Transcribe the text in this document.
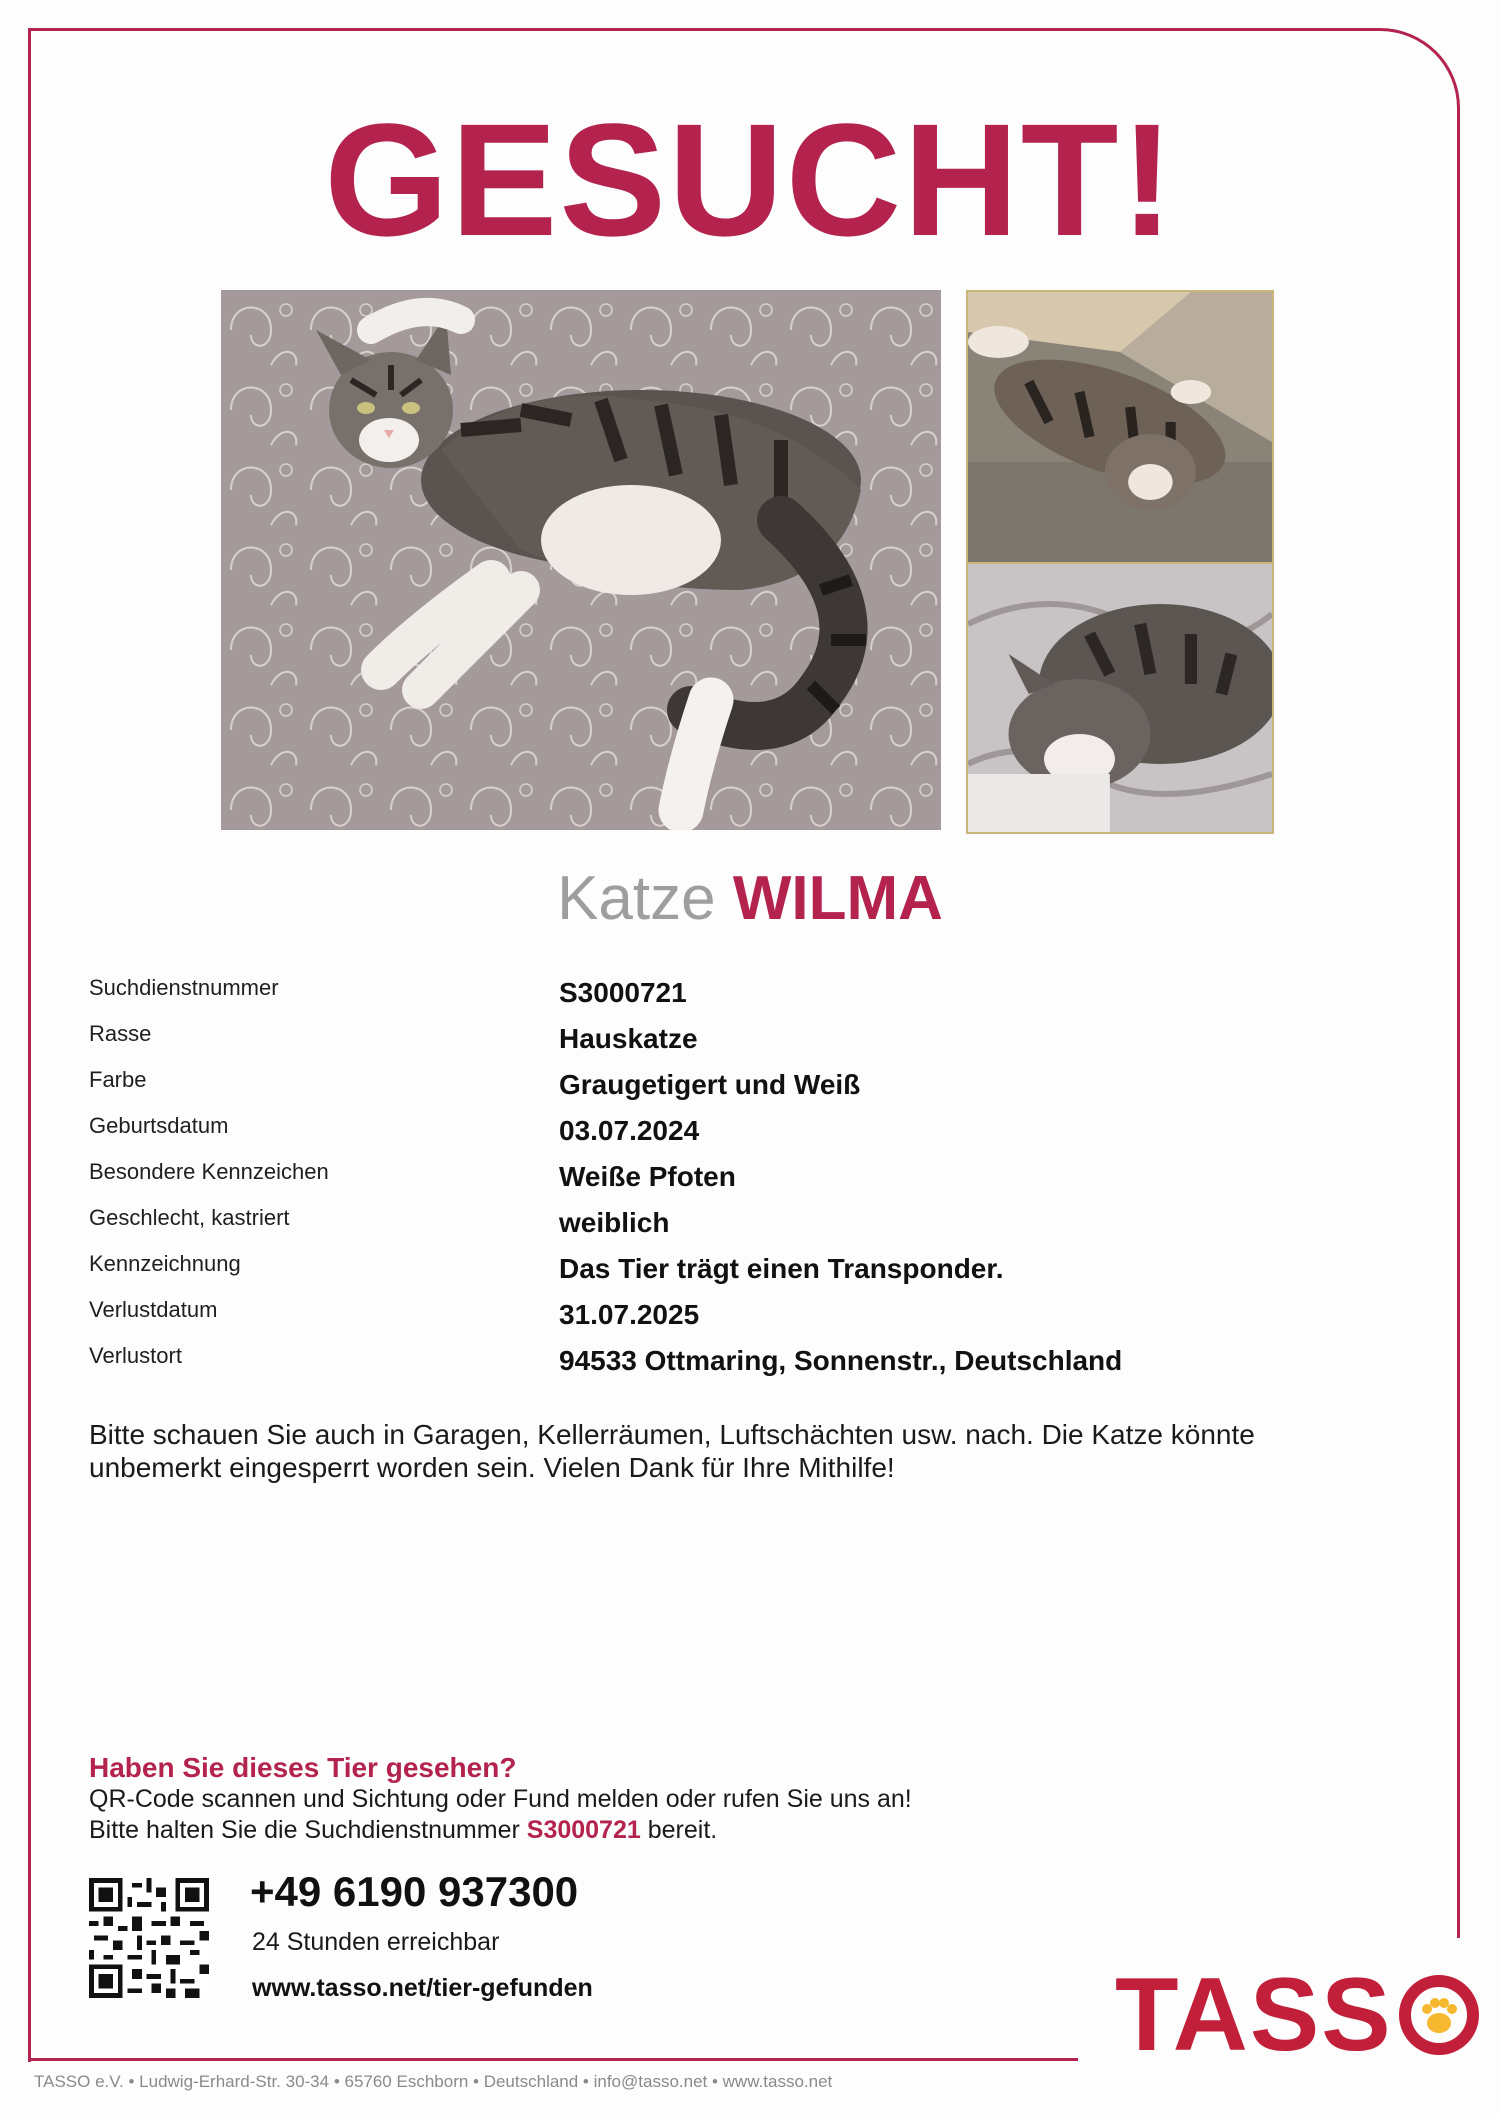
GESUCHT!
Katze WILMA
Suchdienstnummer	S3000721
Rasse	Hauskatze
Farbe	Graugetigert und Weiß
Geburtsdatum	03.07.2024
Besondere Kennzeichen	Weiße Pfoten
Geschlecht, kastriert	weiblich
Kennzeichnung	Das Tier trägt einen Transponder.
Verlustdatum	31.07.2025
Verlustort	94533 Ottmaring, Sonnenstr., Deutschland
Bitte schauen Sie auch in Garagen, Kellerräumen, Luftschächten usw. nach. Die Katze könnte unbemerkt eingesperrt worden sein. Vielen Dank für Ihre Mithilfe!
Haben Sie dieses Tier gesehen?
QR-Code scannen und Sichtung oder Fund melden oder rufen Sie uns an!
Bitte halten Sie die Suchdienstnummer S3000721 bereit.
+49 6190 937300
24 Stunden erreichbar
www.tasso.net/tier-gefunden	TASS
TASSO e.V. • Ludwig-Erhard-Str. 30-34 • 65760 Eschborn • Deutschland • info@tasso.net • www.tasso.net
